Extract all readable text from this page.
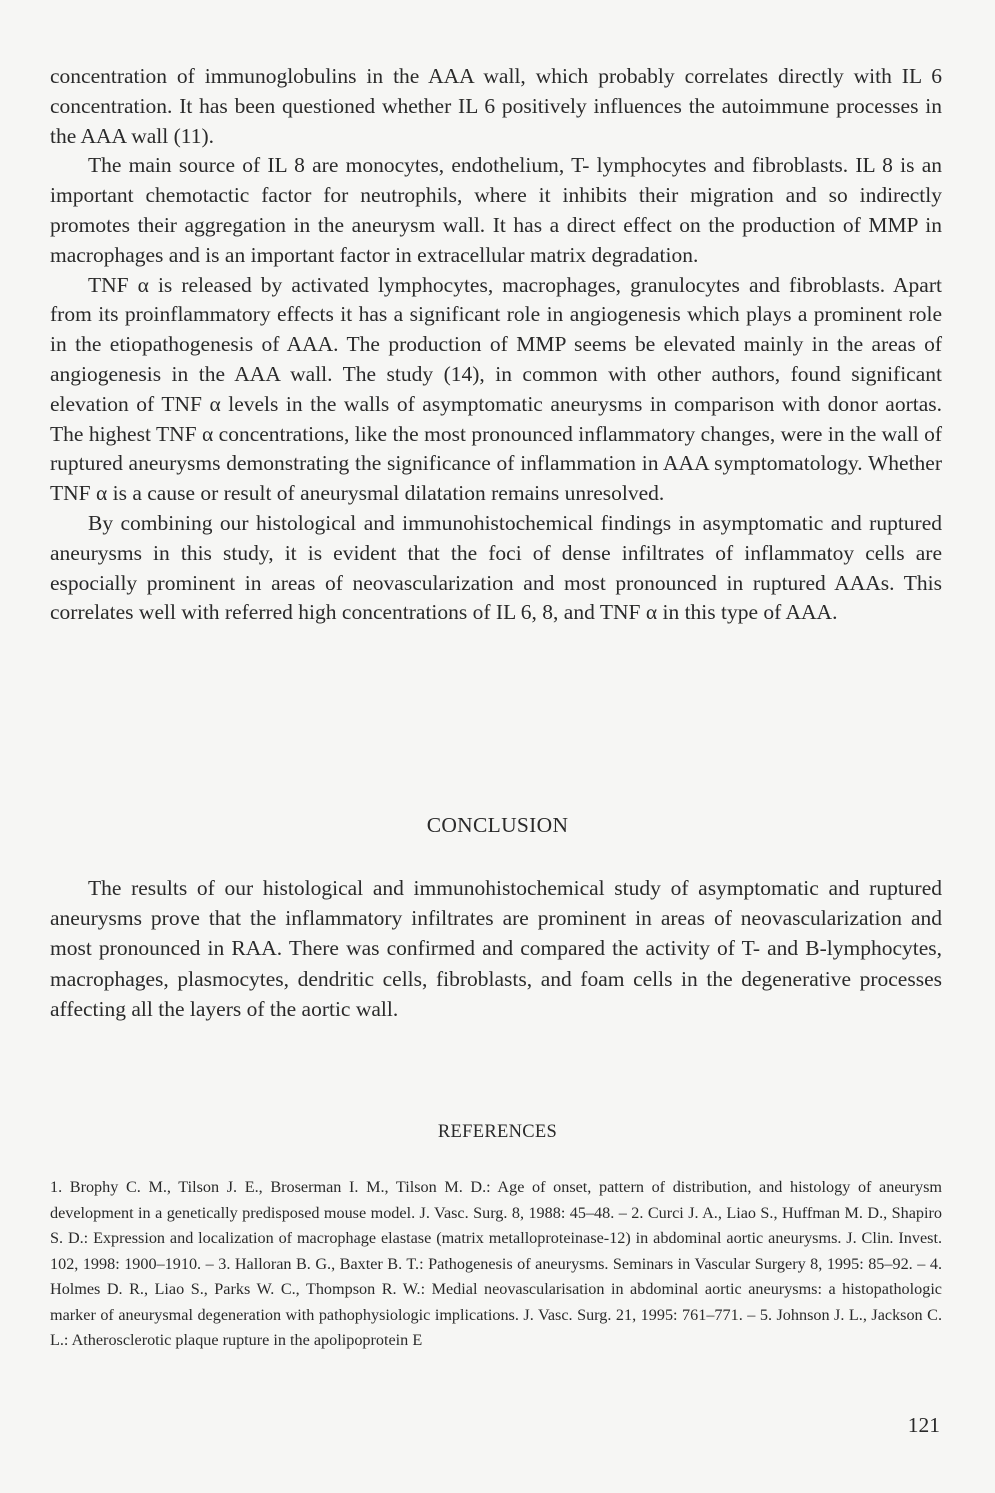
concentration of immunoglobulins in the AAA wall, which probably correlates directly with IL 6 concentration. It has been questioned whether IL 6 positively influences the autoimmune processes in the AAA wall (11).

The main source of IL 8 are monocytes, endothelium, T- lymphocytes and fibroblasts. IL 8 is an important chemotactic factor for neutrophils, where it inhibits their migration and so indirectly promotes their aggregation in the aneurysm wall. It has a direct effect on the production of MMP in macrophages and is an important factor in extracellular matrix degradation.

TNF α is released by activated lymphocytes, macrophages, granulocytes and fibroblasts. Apart from its proinflammatory effects it has a significant role in angiogenesis which plays a prominent role in the etiopathogenesis of AAA. The production of MMP seems be elevated mainly in the areas of angiogenesis in the AAA wall. The study (14), in common with other authors, found significant elevation of TNF α levels in the walls of asymptomatic aneurysms in comparison with donor aortas. The highest TNF α concentrations, like the most pronounced inflammatory changes, were in the wall of ruptured aneurysms demonstrating the significance of inflammation in AAA symptomatology. Whether TNF α is a cause or result of aneurysmal dilatation remains unresolved.

By combining our histological and immunohistochemical findings in asymptomatic and ruptured aneurysms in this study, it is evident that the foci of dense infiltrates of inflammatoy cells are espocially prominent in areas of neovascularization and most pronounced in ruptured AAAs. This correlates well with referred high concentrations of IL 6, 8, and TNF α in this type of AAA.

CONCLUSION

The results of our histological and immunohistochemical study of asymptomatic and ruptured aneurysms prove that the inflammatory infiltrates are prominent in areas of neovascularization and most pronounced in RAA. There was confirmed and compared the activity of T- and B-lymphocytes, macrophages, plasmocytes, dendritic cells, fibroblasts, and foam cells in the degenerative processes affecting all the layers of the aortic wall.

REFERENCES

1. Brophy C. M., Tilson J. E., Broserman I. M., Tilson M. D.: Age of onset, pattern of distribution, and histology of aneurysm development in a genetically predisposed mouse model. J. Vasc. Surg. 8, 1988: 45–48. – 2. Curci J. A., Liao S., Huffman M. D., Shapiro S. D.: Expression and localization of macrophage elastase (matrix metalloproteinase-12) in abdominal aortic aneurysms. J. Clin. Invest. 102, 1998: 1900–1910. – 3. Halloran B. G., Baxter B. T.: Pathogenesis of aneurysms. Seminars in Vascular Surgery 8, 1995: 85–92. – 4. Holmes D. R., Liao S., Parks W. C., Thompson R. W.: Medial neovascularisation in abdominal aortic aneurysms: a histopathologic marker of aneurysmal degeneration with pathophysiologic implications. J. Vasc. Surg. 21, 1995: 761–771. – 5. Johnson J. L., Jackson C. L.: Atherosclerotic plaque rupture in the apolipoprotein E

121
